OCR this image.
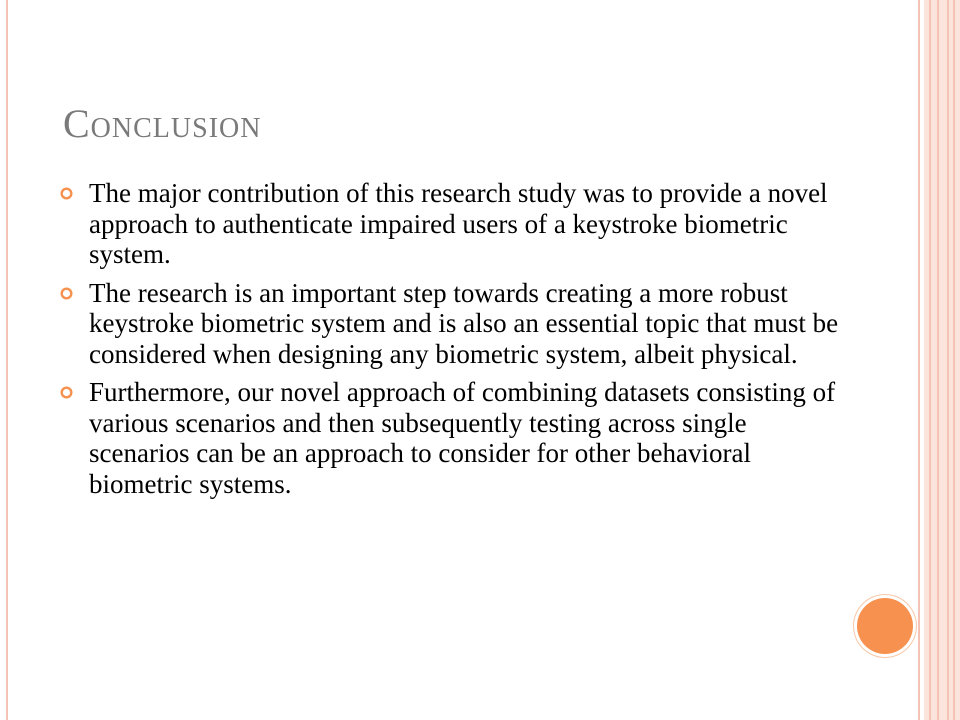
Conclusion
The major contribution of this research study was to provide a novel approach to authenticate impaired users of a keystroke biometric system.
The research is an important step towards creating a more robust keystroke biometric system and is also an essential topic that must be considered when designing any biometric system, albeit physical.
Furthermore, our novel approach of combining datasets consisting of various scenarios and then subsequently testing across single scenarios can be an approach to consider for other behavioral biometric systems.
